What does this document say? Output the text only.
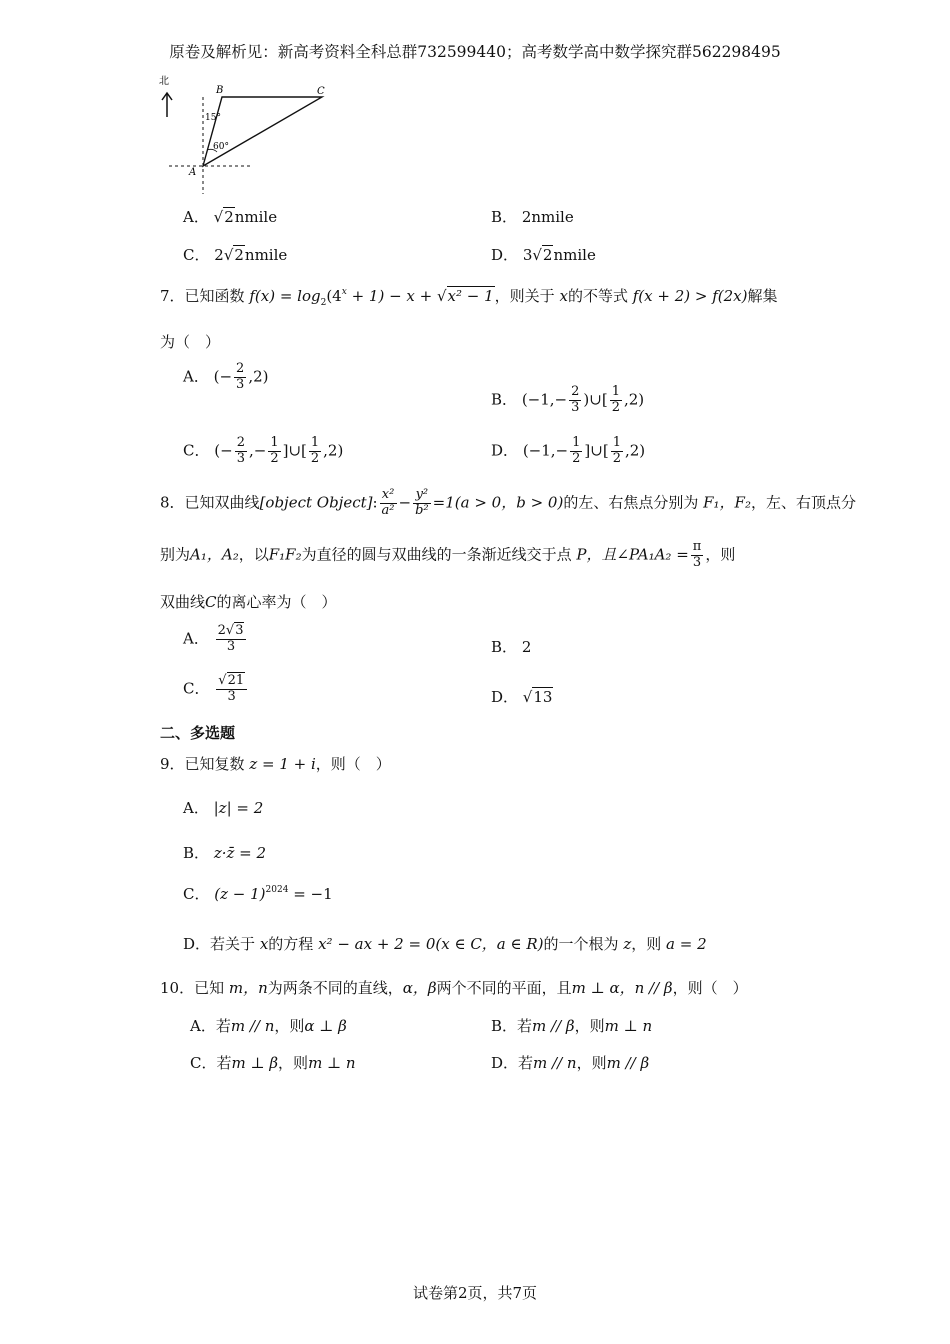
原卷及解析见：新高考资料全科总群732599440；高考数学高中数学探究群562298495
北
B	C
A
15°
60°
A． √2nmile	B． 2nmile
C． 2√2nmile	D． 3√2nmile
7．已知函数 $f(x) = \log_2(4^x + 1) - x + √x^2 - 1$，则关于 x的不等式 f(x + 2) > f(2x)解集
为（　）
A． (− $\frac{2}{3} ,2$)
B． ($-1,- \frac{2}{3}$ )∪[ $\frac{1}{2} ,2$)
C． (− $\frac{2}{3}$ ,− $\frac{1}{2}$ ]∪[ $\frac{1}{2} ,2$)	D． ($-1,- \frac{1}{2}$ ]∪[ $\frac{1}{2} ,2$)
8．已知双曲线[object Object]: $\frac{\text{x²}}{\text{a²}} - \frac{\text{y²}}{\text{b²}} =1(a > 0$，b > 0)的左、右焦点分别为 F₁，F₂，左、右顶点分
别为A₁，A₂，以F₁F₂为直径的圆与双曲线的一条渐近线交于点 P，且∠PA₁A₂ = $\frac{\pi}{3}$ ，则
双曲线C的离心率为（　）
A． $\frac{2√3}{3}$	B． 2
C． $\frac{√21}{3}$	D． √13
二、多选题
9．已知复数 z = 1 + i，则（　）
A． |z| = 2
B． z·z̄ = 2
C． $(z - 1)^{2024} = -1$
D．若关于 x的方程 x² − ax + 2 = 0(x ∈ C，a ∈ R)的一个根为 z，则 a = 2
10．已知 m，n为两条不同的直线，α，β两个不同的平面，且m ⊥ α，n // β，则（　）
A．若m // n，则α ⊥ β	B．若m // β，则m ⊥ n
C．若m ⊥ β，则m ⊥ n	D．若m // n，则m // β
试卷第2页，共7页
